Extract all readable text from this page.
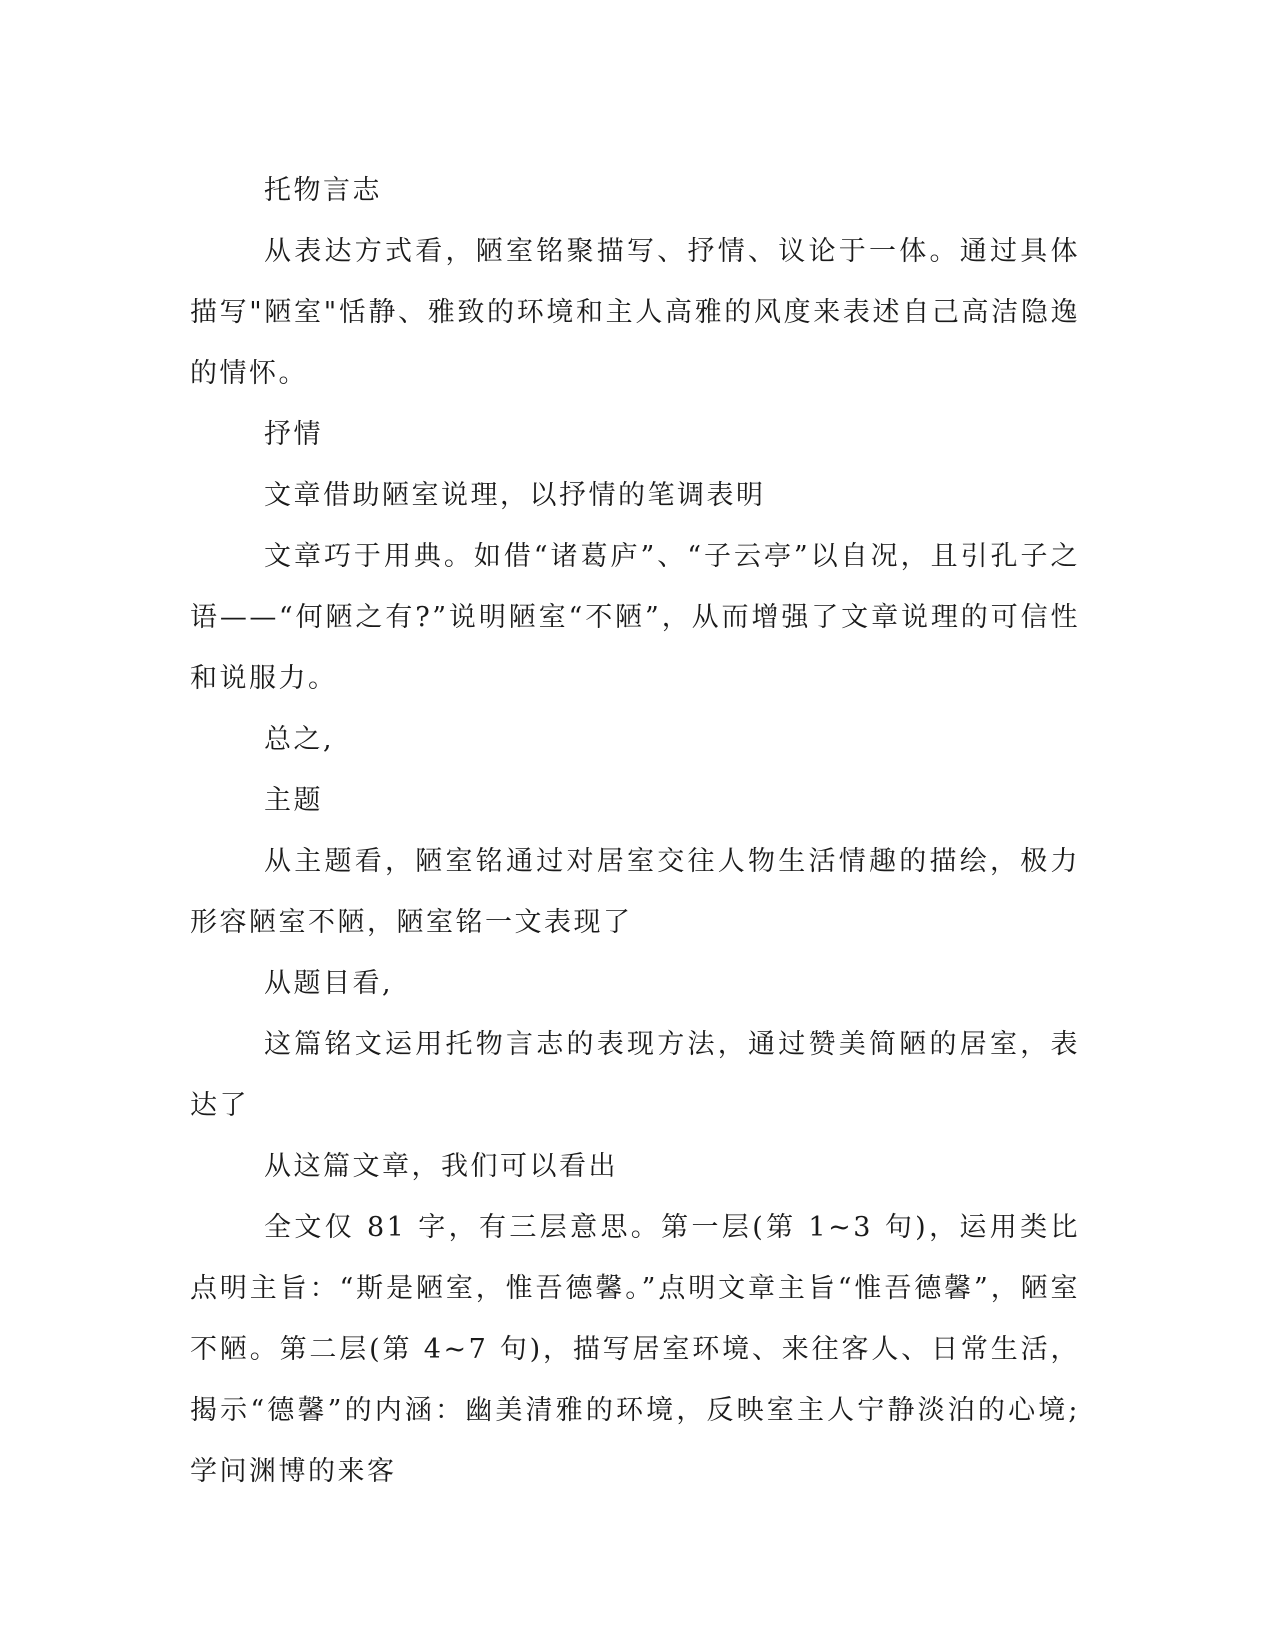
托物言志

从表达方式看，陋室铭聚描写、抒情、议论于一体。通过具体描写"陋室"恬静、雅致的环境和主人高雅的风度来表述自己高洁隐逸的情怀。

抒情

文章借助陋室说理，以抒情的笔调表明

文章巧于用典。如借“诸葛庐”、“子云亭”以自况，且引孔子之语——“何陋之有?”说明陋室“不陋”，从而增强了文章说理的可信性和说服力。

总之,

主题

从主题看，陋室铭通过对居室交往人物生活情趣的描绘，极力形容陋室不陋，陋室铭一文表现了

从题目看,

这篇铭文运用托物言志的表现方法，通过赞美简陋的居室，表达了

从这篇文章，我们可以看出

全文仅 81 字，有三层意思。第一层(第 1~3 句)，运用类比点明主旨：“斯是陋室，惟吾德馨。”点明文章主旨“惟吾德馨”，陋室不陋。第二层(第 4~7 句)，描写居室环境、来往客人、日常生活，揭示“德馨”的内涵：幽美清雅的环境，反映室主人宁静淡泊的心境;学问渊博的来客
